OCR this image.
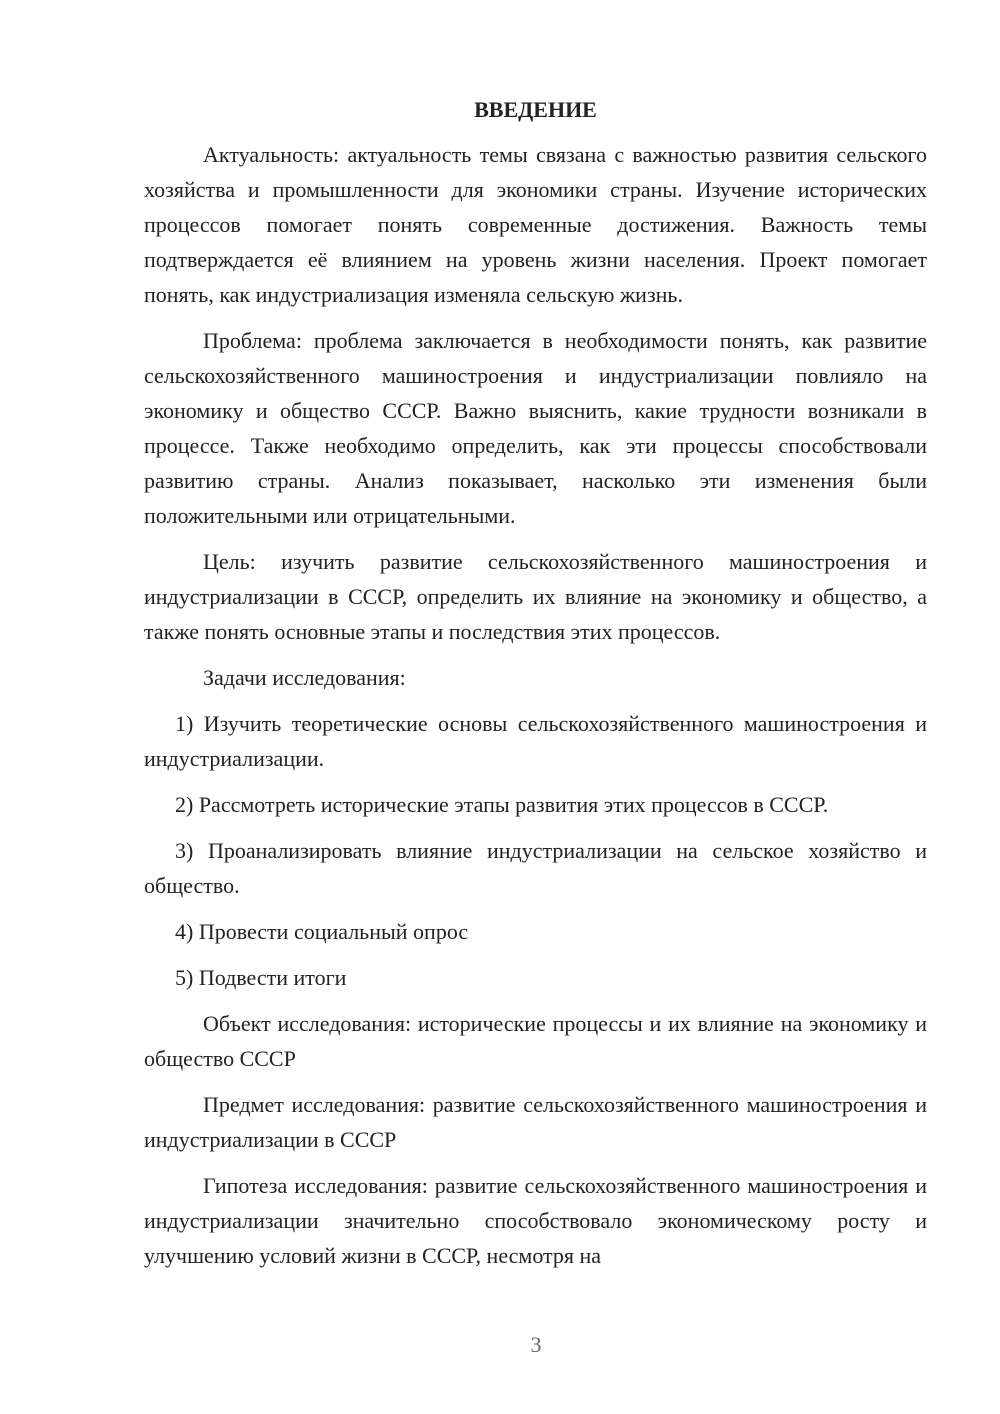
ВВЕДЕНИЕ

Актуальность: актуальность темы связана с важностью развития сельского хозяйства и промышленности для экономики страны. Изучение исторических процессов помогает понять современные достижения. Важность темы подтверждается её влиянием на уровень жизни населения. Проект помогает понять, как индустриализация изменяла сельскую жизнь.

Проблема: проблема заключается в необходимости понять, как развитие сельскохозяйственного машиностроения и индустриализации повлияло на экономику и общество СССР. Важно выяснить, какие трудности возникали в процессе. Также необходимо определить, как эти процессы способствовали развитию страны. Анализ показывает, насколько эти изменения были положительными или отрицательными.

Цель: изучить развитие сельскохозяйственного машиностроения и индустриализации в СССР, определить их влияние на экономику и общество, а также понять основные этапы и последствия этих процессов.

Задачи исследования:

1) Изучить теоретические основы сельскохозяйственного машиностроения и индустриализации.

2) Рассмотреть исторические этапы развития этих процессов в СССР.

3) Проанализировать влияние индустриализации на сельское хозяйство и общество.

4) Провести социальный опрос

5) Подвести итоги

Объект исследования: исторические процессы и их влияние на экономику и общество СССР

Предмет исследования: развитие сельскохозяйственного машиностроения и индустриализации в СССР

Гипотеза исследования: развитие сельскохозяйственного машиностроения и индустриализации значительно способствовало экономическому росту и улучшению условий жизни в СССР, несмотря на

3
